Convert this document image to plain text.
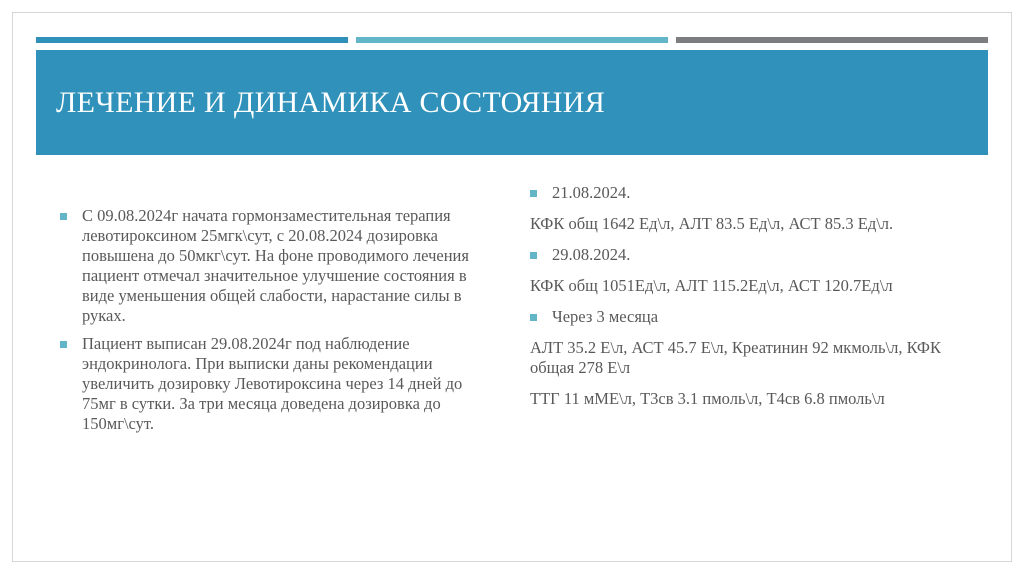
ЛЕЧЕНИЕ И ДИНАМИКА СОСТОЯНИЯ
С 09.08.2024г начата гормонзаместительная терапия левотироксином 25мгк\сут, с 20.08.2024 дозировка повышена до 50мкг\сут. На фоне проводимого лечения пациент отмечал значительное улучшение состояния в виде уменьшения общей слабости, нарастание силы в руках.
Пациент выписан 29.08.2024г под наблюдение эндокринолога. При выписки даны рекомендации увеличить дозировку Левотироксина через 14 дней до 75мг в сутки. За три месяца доведена дозировка до 150мг\сут.
21.08.2024.

КФК общ 1642 Ед\л, АЛТ 83.5 Ед\л, АСТ 85.3 Ед\л.

29.08.2024.

КФК общ 1051Ед\л, АЛТ 115.2Ед\л, АСТ 120.7Ед\л

Через 3 месяца

АЛТ 35.2 Е\л, АСТ 45.7 Е\л, Креатинин 92 мкмоль\л, КФК общая 278 Е\л

ТТГ 11 мМЕ\л, Т3св 3.1 пмоль\л, Т4св 6.8 пмоль\л
